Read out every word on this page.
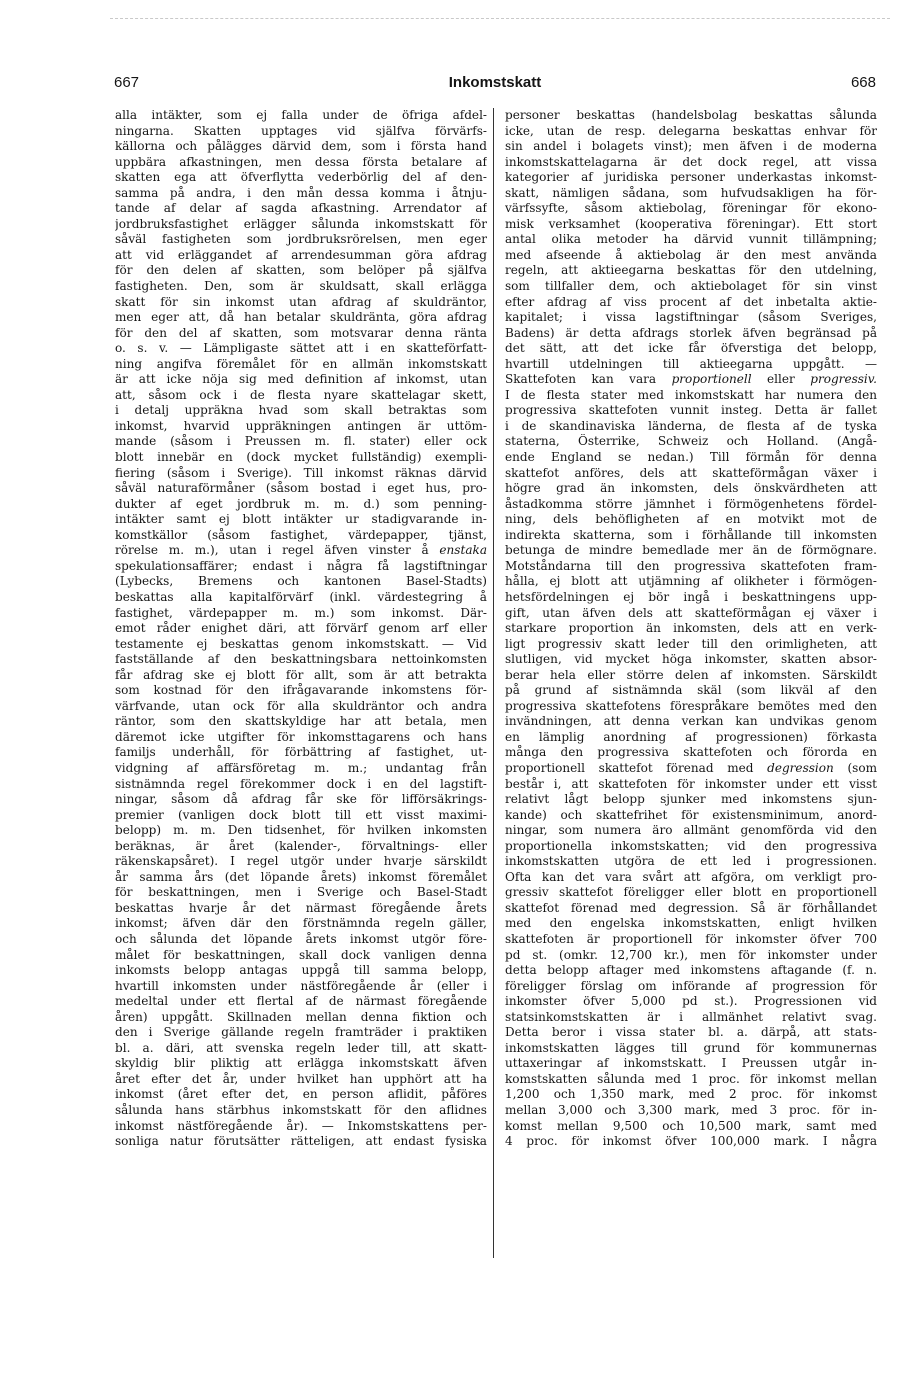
667	Inkomstskatt	668
alla intäkter, som ej falla under de öfriga afdel-
ningarna. Skatten upptages vid själfva förvärfs-
källorna och pålägges därvid dem, som i första hand
uppbära afkastningen, men dessa första betalare af
skatten ega att öfverflytta vederbörlig del af den-
samma på andra, i den mån dessa komma i åtnju-
tande af delar af sagda afkastning. Arrendator af
jordbruksfastighet erlägger sålunda inkomstskatt för
såväl fastigheten som jordbruksrörelsen, men eger
att vid erläggandet af arrendesumman göra afdrag
för den delen af skatten, som belöper på själfva
fastigheten. Den, som är skuldsatt, skall erlägga
skatt för sin inkomst utan afdrag af skuldräntor,
men eger att, då han betalar skuldränta, göra afdrag
för den del af skatten, som motsvarar denna ränta
o. s. v. — Lämpligaste sättet att i en skatteförfatt-
ning angifva föremålet för en allmän inkomstskatt
är att icke nöja sig med definition af inkomst, utan
att, såsom ock i de flesta nyare skattelagar skett,
i detalj uppräkna hvad som skall betraktas som
inkomst, hvarvid uppräkningen antingen är uttöm-
mande (såsom i Preussen m. fl. stater) eller ock
blott innebär en (dock mycket fullständig) exempli-
fiering (såsom i Sverige). Till inkomst räknas därvid
såväl naturaförmåner (såsom bostad i eget hus, pro-
dukter af eget jordbruk m. m. d.) som penning-
intäkter samt ej blott intäkter ur stadigvarande in-
komstkällor (såsom fastighet, värdepapper, tjänst,
rörelse m. m.), utan i regel äfven vinster å enstaka
spekulationsaffärer; endast i några få lagstiftningar
(Lybecks, Bremens och kantonen Basel-Stadts)
beskattas alla kapitalförvärf (inkl. värdestegring å
fastighet, värdepapper m. m.) som inkomst. Där-
emot råder enighet däri, att förvärf genom arf eller
testamente ej beskattas genom inkomstskatt. — Vid
fastställande af den beskattningsbara nettoinkomsten
får afdrag ske ej blott för allt, som är att betrakta
som kostnad för den ifrågavarande inkomstens för-
värfvande, utan ock för alla skuldräntor och andra
räntor, som den skattskyldige har att betala, men
däremot icke utgifter för inkomsttagarens och hans
familjs underhåll, för förbättring af fastighet, ut-
vidgning af affärsföretag m. m.; undantag från
sistnämnda regel förekommer dock i en del lagstift-
ningar, såsom då afdrag får ske för lifförsäkrings-
premier (vanligen dock blott till ett visst maximi-
belopp) m. m. Den tidsenhet, för hvilken inkomsten
beräknas, är året (kalender-, förvaltnings- eller
räkenskapsåret). I regel utgör under hvarje särskildt
år samma års (det löpande årets) inkomst föremålet
för beskattningen, men i Sverige och Basel-Stadt
beskattas hvarje år det närmast föregående årets
inkomst; äfven där den förstnämnda regeln gäller,
och sålunda det löpande årets inkomst utgör före-
målet för beskattningen, skall dock vanligen denna
inkomsts belopp antagas uppgå till samma belopp,
hvartill inkomsten under nästföregående år (eller i
medeltal under ett flertal af de närmast föregående
åren) uppgått. Skillnaden mellan denna fiktion och
den i Sverige gällande regeln framträder i praktiken
bl. a. däri, att svenska regeln leder till, att skatt-
skyldig blir pliktig att erlägga inkomstskatt äfven
året efter det år, under hvilket han upphört att ha
inkomst (året efter det, en person aflidit, påföres
sålunda hans stärbhus inkomstskatt för den aflidnes
inkomst nästföregående år). — Inkomstskattens per-
sonliga natur förutsätter rätteligen, att endast fysiska
personer beskattas (handelsbolag beskattas sålunda
icke, utan de resp. delegarna beskattas enhvar för
sin andel i bolagets vinst); men äfven i de moderna
inkomstskattelagarna är det dock regel, att vissa
kategorier af juridiska personer underkastas inkomst-
skatt, nämligen sådana, som hufvudsakligen ha för-
värfssyfte, såsom aktiebolag, föreningar för ekono-
misk verksamhet (kooperativa föreningar). Ett stort
antal olika metoder ha därvid vunnit tillämpning;
med afseende å aktiebolag är den mest använda
regeln, att aktieegarna beskattas för den utdelning,
som tillfaller dem, och aktiebolaget för sin vinst
efter afdrag af viss procent af det inbetalta aktie-
kapitalet; i vissa lagstiftningar (såsom Sveriges,
Badens) är detta afdrags storlek äfven begränsad på
det sätt, att det icke får öfverstiga det belopp,
hvartill utdelningen till aktieegarna uppgått. —
Skattefoten kan vara proportionell eller progressiv.
I de flesta stater med inkomstskatt har numera den
progressiva skattefoten vunnit insteg. Detta är fallet
i de skandinaviska länderna, de flesta af de tyska
staterna, Österrike, Schweiz och Holland. (Angå-
ende England se nedan.) Till förmån för denna
skattefot anföres, dels att skatteförmågan växer i
högre grad än inkomsten, dels önskvärdheten att
åstadkomma större jämnhet i förmögenhetens fördel-
ning, dels behöfligheten af en motvikt mot de
indirekta skatterna, som i förhållande till inkomsten
betunga de mindre bemedlade mer än de förmögnare.
Motståndarna till den progressiva skattefoten fram-
hålla, ej blott att utjämning af olikheter i förmögen-
hetsfördelningen ej bör ingå i beskattningens upp-
gift, utan äfven dels att skatteförmågan ej växer i
starkare proportion än inkomsten, dels att en verk-
ligt progressiv skatt leder till den orimligheten, att
slutligen, vid mycket höga inkomster, skatten absor-
berar hela eller större delen af inkomsten. Särskildt
på grund af sistnämnda skäl (som likväl af den
progressiva skattefotens förespråkare bemötes med den
invändningen, att denna verkan kan undvikas genom
en lämplig anordning af progressionen) förkasta
många den progressiva skattefoten och förorda en
proportionell skattefot förenad med degression (som
består i, att skattefoten för inkomster under ett visst
relativt lågt belopp sjunker med inkomstens sjun-
kande) och skattefrihet för existensminimum, anord-
ningar, som numera äro allmänt genomförda vid den
proportionella inkomstskatten; vid den progressiva
inkomstskatten utgöra de ett led i progressionen.
Ofta kan det vara svårt att afgöra, om verkligt pro-
gressiv skattefot föreligger eller blott en proportionell
skattefot förenad med degression. Så är förhållandet
med den engelska inkomstskatten, enligt hvilken
skattefoten är proportionell för inkomster öfver 700
pd st. (omkr. 12,700 kr.), men för inkomster under
detta belopp aftager med inkomstens aftagande (f. n.
föreligger förslag om införande af progression för
inkomster öfver 5,000 pd st.). Progressionen vid
statsinkomstskatten är i allmänhet relativt svag.
Detta beror i vissa stater bl. a. därpå, att stats-
inkomstskatten lägges till grund för kommunernas
uttaxeringar af inkomstskatt. I Preussen utgår in-
komstskatten sålunda med 1 proc. för inkomst mellan
1,200 och 1,350 mark, med 2 proc. för inkomst
mellan 3,000 och 3,300 mark, med 3 proc. för in-
komst mellan 9,500 och 10,500 mark, samt med
4 proc. för inkomst öfver 100,000 mark. I några
